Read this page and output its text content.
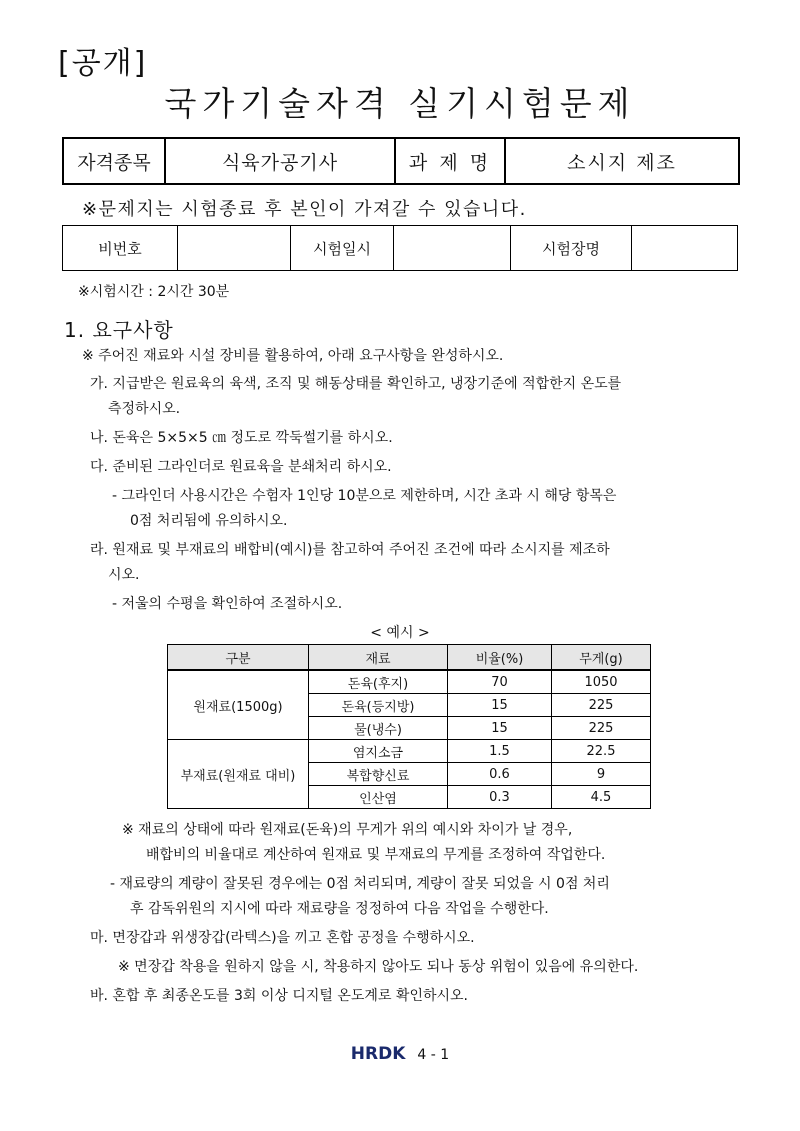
[공개]
국가기술자격 실기시험문제
자격종목	식육가공기사	과 제 명	소시지 제조
※문제지는 시험종료 후 본인이 가져갈 수 있습니다.
비번호		시험일시		시험장명	
※시험시간 : 2시간 30분
1. 요구사항
※ 주어진 재료와 시설 장비를 활용하여, 아래 요구사항을 완성하시오.
가. 지급받은 원료육의 육색, 조직 및 해동상태를 확인하고, 냉장기준에 적합한지 온도를
측정하시오.
나. 돈육은 5×5×5 ㎝ 정도로 깍둑썰기를 하시오.
다. 준비된 그라인더로 원료육을 분쇄처리 하시오.
- 그라인더 사용시간은 수험자 1인당 10분으로 제한하며, 시간 초과 시 해당 항목은
0점 처리됨에 유의하시오.
라. 원재료 및 부재료의 배합비(예시)를 참고하여 주어진 조건에 따라 소시지를 제조하
시오.
- 저울의 수평을 확인하여 조절하시오.
< 예시 >
구분	재료	비율(%)	무게(g)
원재료(1500g)	돈육(후지)	70	1050
	돈육(등지방)	15	225
	물(냉수)	15	225
부재료(원재료 대비)	염지소금	1.5	22.5
	복합향신료	0.6	9
	인산염	0.3	4.5
※ 재료의 상태에 따라 원재료(돈육)의 무게가 위의 예시와 차이가 날 경우,
배합비의 비율대로 계산하여 원재료 및 부재료의 무게를 조정하여 작업한다.
- 재료량의 계량이 잘못된 경우에는 0점 처리되며, 계량이 잘못 되었을 시 0점 처리
후 감독위원의 지시에 따라 재료량을 정정하여 다음 작업을 수행한다.
마. 면장갑과 위생장갑(라텍스)을 끼고 혼합 공정을 수행하시오.
※ 면장갑 착용을 원하지 않을 시, 착용하지 않아도 되나 동상 위험이 있음에 유의한다.
바. 혼합 후 최종온도를 3회 이상 디지털 온도계로 확인하시오.
HRDK 4 - 1
